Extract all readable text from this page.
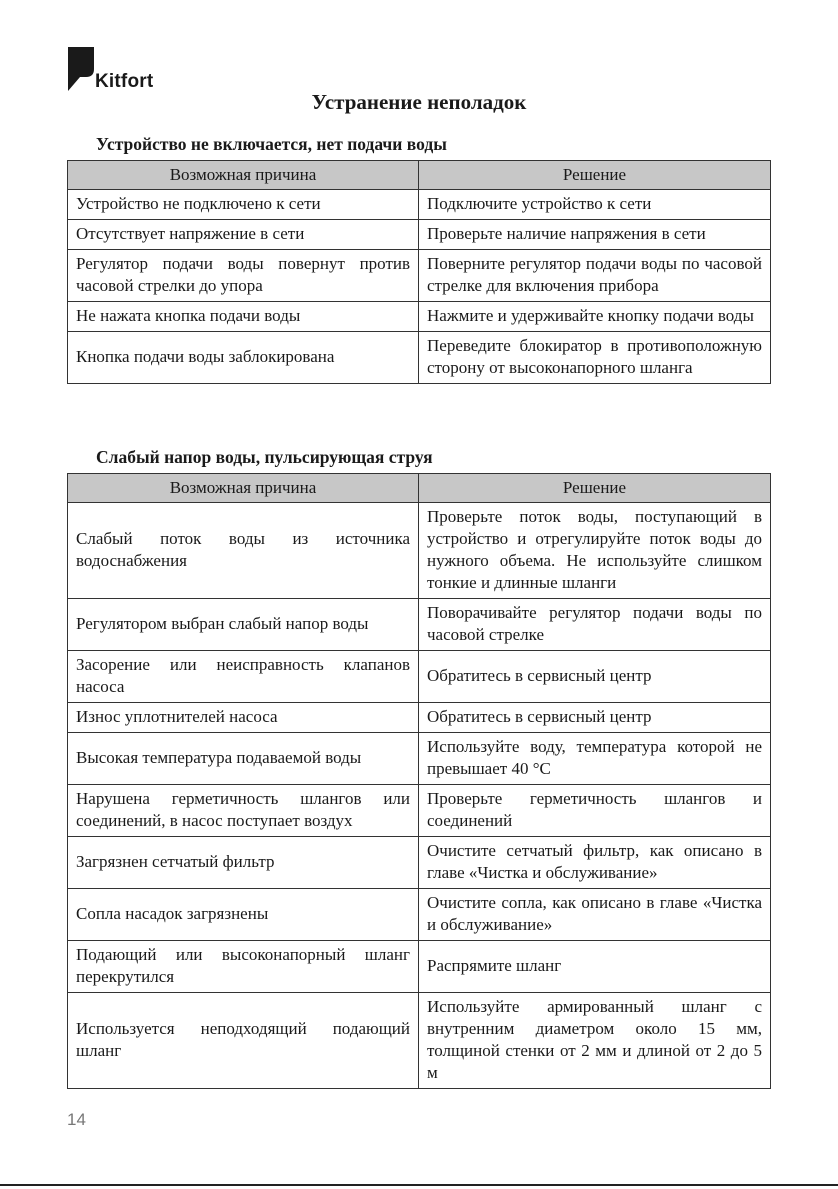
Kitfort
Устранение неполадок
Устройство не включается, нет подачи воды
Возможная причина	Решение
Устройство не подключено к сети	Подключите устройство к сети
Отсутствует напряжение в сети	Проверьте наличие напряжения в сети
Регулятор подачи воды повернут против часовой стрелки до упора	Поверните регулятор подачи воды по часовой стрелке для включения прибора
Не нажата кнопка подачи воды	Нажмите и удерживайте кнопку подачи воды
Кнопка подачи воды заблокирована	Переведите блокиратор в противоположную сторону от высоконапорного шланга
Слабый напор воды, пульсирующая струя
Возможная причина	Решение
Слабый поток воды из источника водоснабжения	Проверьте поток воды, поступающий в устройство и отрегулируйте поток воды до нужного объема. Не используйте слишком тонкие и длинные шланги
Регулятором выбран слабый напор воды	Поворачивайте регулятор подачи воды по часовой стрелке
Засорение или неисправность клапанов насоса	Обратитесь в сервисный центр
Износ уплотнителей насоса	Обратитесь в сервисный центр
Высокая температура подаваемой воды	Используйте воду, температура которой не превышает 40 °С
Нарушена герметичность шлангов или соединений, в насос поступает воздух	Проверьте герметичность шлангов и соединений
Загрязнен сетчатый фильтр	Очистите сетчатый фильтр, как описано в главе «Чистка и обслуживание»
Сопла насадок загрязнены	Очистите сопла, как описано в главе «Чистка и обслуживание»
Подающий или высоконапорный шланг перекрутился	Распрямите шланг
Используется неподходящий подающий шланг	Используйте армированный шланг с внутренним диаметром около 15 мм, толщиной стенки от 2 мм и длиной от 2 до 5 м
14
